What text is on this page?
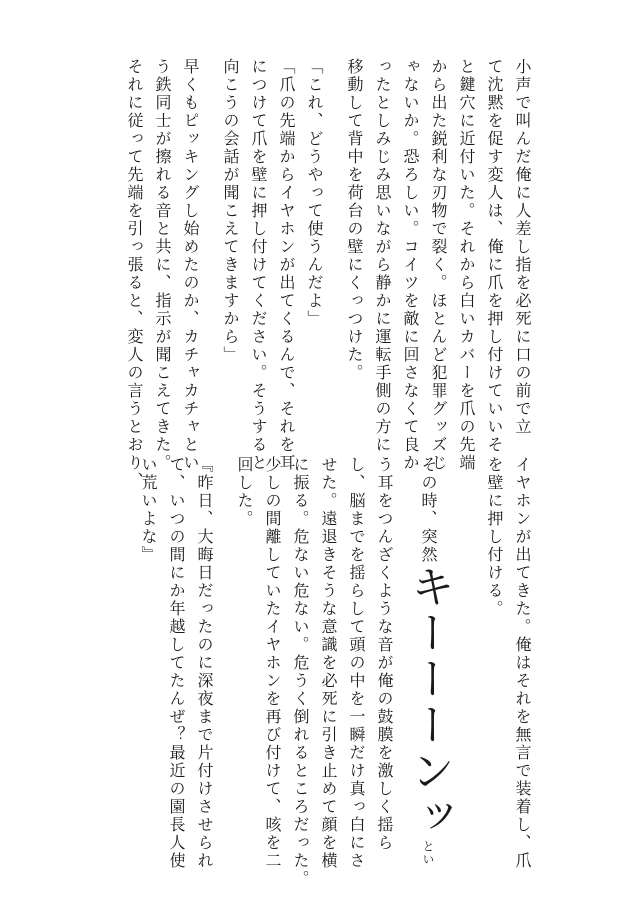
小声で叫んだ俺に人差し指を必死に口の前で立
て沈黙を促す変人は、俺に爪を押し付けていいそ
と鍵穴に近付いた。それから白いカバーを爪の先端
から出た鋭利な刃物で裂く。ほとんど犯罪グッズじ
ゃないか。恐ろしい。コイツを敵に回さなくて良か
ったとしみじみ思いながら静かに運転手側の方に
移動して背中を荷台の壁にくっつけた。
「これ、どうやって使うんだよ」
「爪の先端からイヤホンが出てくるんで、それを耳
につけて爪を壁に押し付けてください。そうすると
向こうの会話が聞こえてきますから」
早くもピッキングし始めたのか、カチャカチャとい
う鉄同士が擦れる音と共に、指示が聞こえてきた。
それに従って先端を引っ張ると、変人の言うとおり、
イヤホンが出てきた。俺はそれを無言で装着し、爪
を壁に押し付ける。
その時、突然キーーーンッとい
う耳をつんざくような音が俺の鼓膜を激しく揺ら
し、脳までを揺らして頭の中を一瞬だけ真っ白にさ
せた。遠退きそうな意識を必死に引き止めて顔を横
に振る。危ない危ない。危うく倒れるところだった。
少しの間離していたイヤホンを再び付けて、咳を二
回した。
『昨日、大晦日だったのに深夜まで片付けさせられ
て、いつの間にか年越してたんぜ？最近の園長人使
い荒いよな』
